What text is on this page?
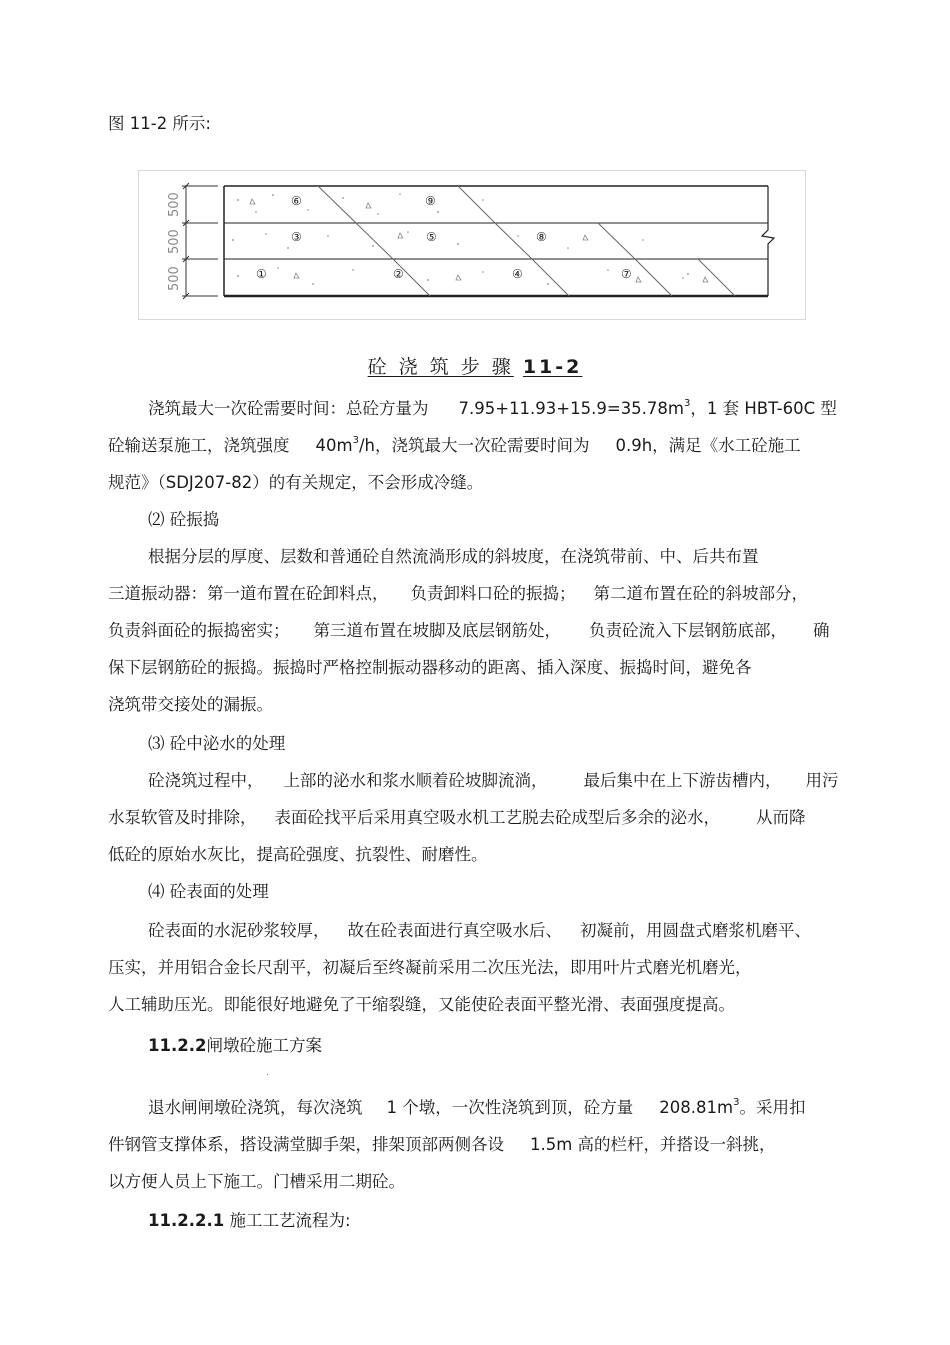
图 11-2 所示:
500
500
500
⑥	⑨
③	⑤	⑧
①	②	④	⑦
砼 浇 筑 步 骤 11-2
浇筑最大一次砼需要时间：总砼方量为 $7.95+11.93+15.9=35.78m^3$，1 套 HBT-60C 型
砼输送泵施工，浇筑强度 $40m^3/h$，浇筑最大一次砼需要时间为 0.9h，满足《水工砼施工
规范》（SDJ207-82）的有关规定，不会形成冷缝。
⑵ 砼振捣
根据分层的厚度、层数和普通砼自然流淌形成的斜坡度，在浇筑带前、中、后共布置
三道振动器：第一道布置在砼卸料点， 负责卸料口砼的振捣； 第二道布置在砼的斜坡部分，
负责斜面砼的振捣密实； 第三道布置在坡脚及底层钢筋处， 负责砼流入下层钢筋底部， 确
保下层钢筋砼的振捣。振捣时严格控制振动器移动的距离、插入深度、振捣时间，避免各
浇筑带交接处的漏振。
⑶ 砼中泌水的处理
砼浇筑过程中， 上部的泌水和浆水顺着砼坡脚流淌， 最后集中在上下游齿槽内， 用污
水泵软管及时排除， 表面砼找平后采用真空吸水机工艺脱去砼成型后多余的泌水， 从而降
低砼的原始水灰比，提高砼强度、抗裂性、耐磨性。
⑷ 砼表面的处理
砼表面的水泥砂浆较厚， 故在砼表面进行真空吸水后、 初凝前，用圆盘式磨浆机磨平、
压实，并用铝合金长尺刮平，初凝后至终凝前采用二次压光法，即用叶片式磨光机磨光，
人工辅助压光。即能很好地避免了干缩裂缝，又能使砼表面平整光滑、表面强度提高。
11.2.2闸墩砼施工方案
.
退水闸闸墩砼浇筑，每次浇筑 1 个墩，一次性浇筑到顶，砼方量 $208.81m^3$。采用扣
件钢管支撑体系，搭设满堂脚手架，排架顶部两侧各设 1.5m 高的栏杆，并搭设一斜挑，
以方便人员上下施工。门槽采用二期砼。
11.2.2.1 施工工艺流程为:
